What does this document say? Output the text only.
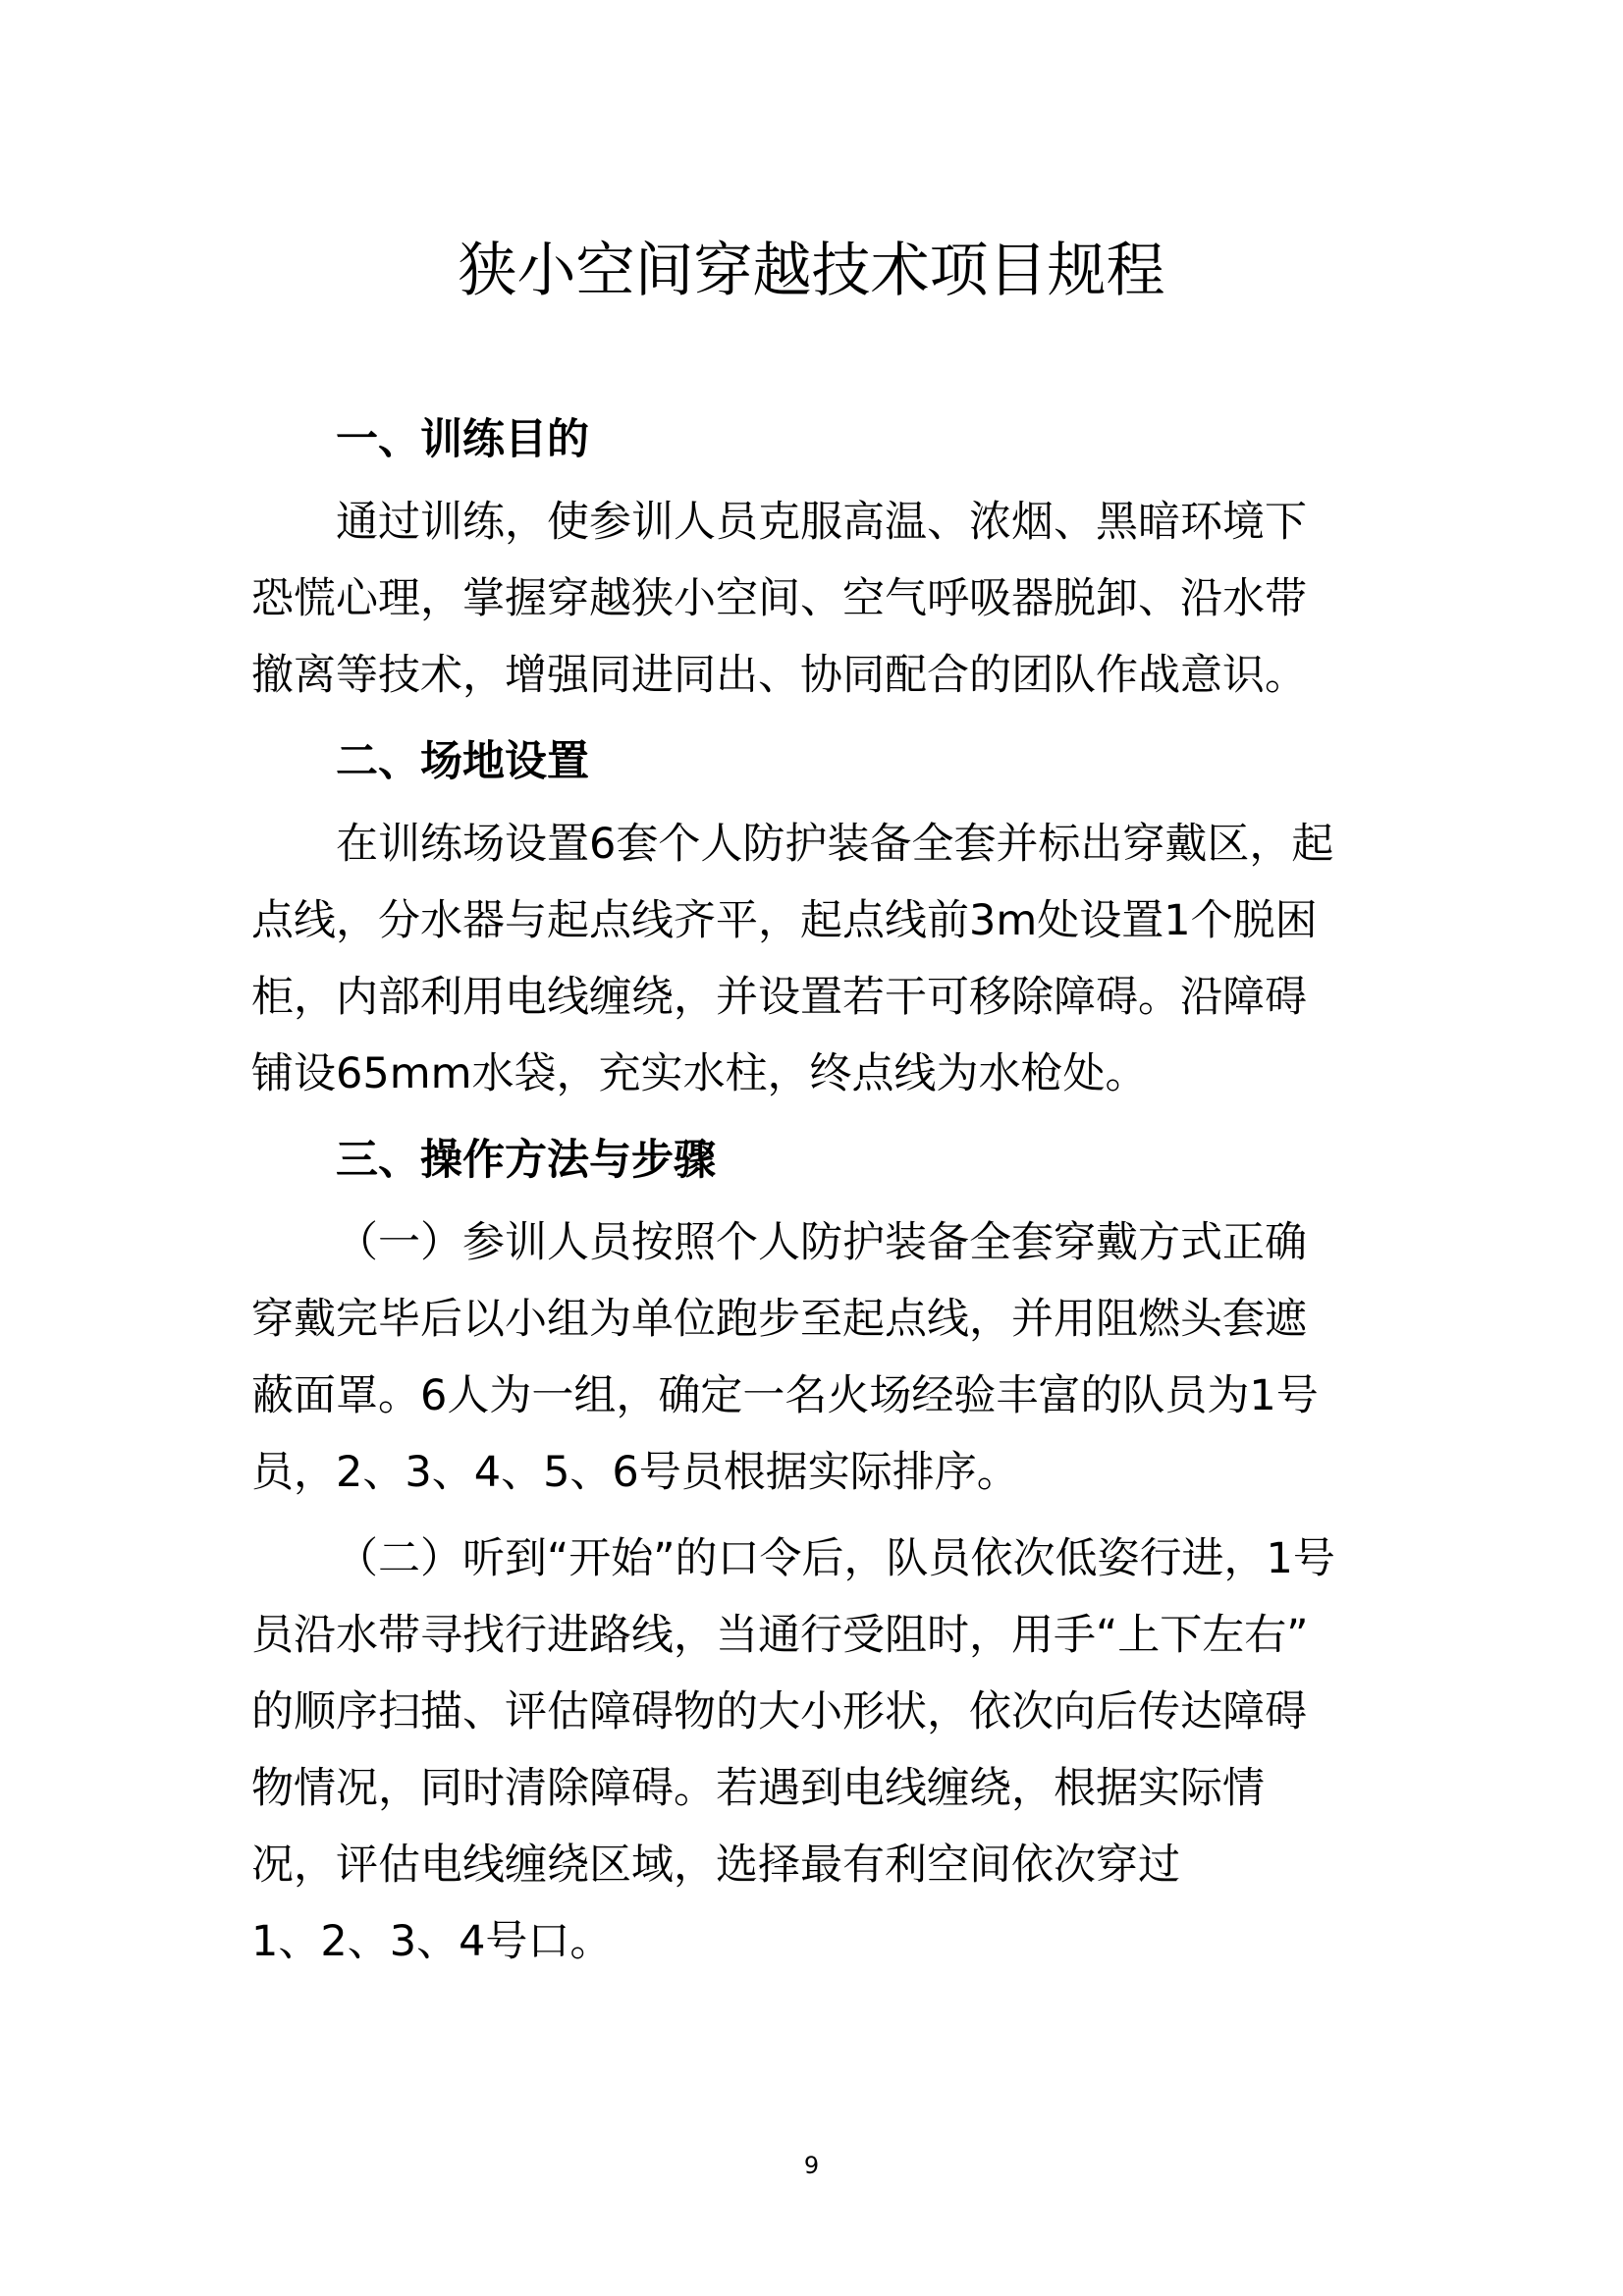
狭小空间穿越技术项目规程
一、训练目的
通过训练，使参训人员克服高温、浓烟、黑暗环境下
恐慌心理，掌握穿越狭小空间、空气呼吸器脱卸、沿水带
撤离等技术，增强同进同出、协同配合的团队作战意识。
二、场地设置
在训练场设置6套个人防护装备全套并标出穿戴区，起
点线，分水器与起点线齐平，起点线前3m处设置1个脱困
柜，内部利用电线缠绕，并设置若干可移除障碍。沿障碍
铺设65mm水袋，充实水柱，终点线为水枪处。
三、操作方法与步骤
（一）参训人员按照个人防护装备全套穿戴方式正确
穿戴完毕后以小组为单位跑步至起点线，并用阻燃头套遮
蔽面罩。6人为一组，确定一名火场经验丰富的队员为1号
员，2、3、4、5、6号员根据实际排序。
（二）听到“开始”的口令后，队员依次低姿行进，1号
员沿水带寻找行进路线，当通行受阻时，用手“上下左右”
的顺序扫描、评估障碍物的大小形状，依次向后传达障碍
物情况，同时清除障碍。若遇到电线缠绕，根据实际情
况，评估电线缠绕区域，选择最有利空间依次穿过
1、2、3、4号口。
9
